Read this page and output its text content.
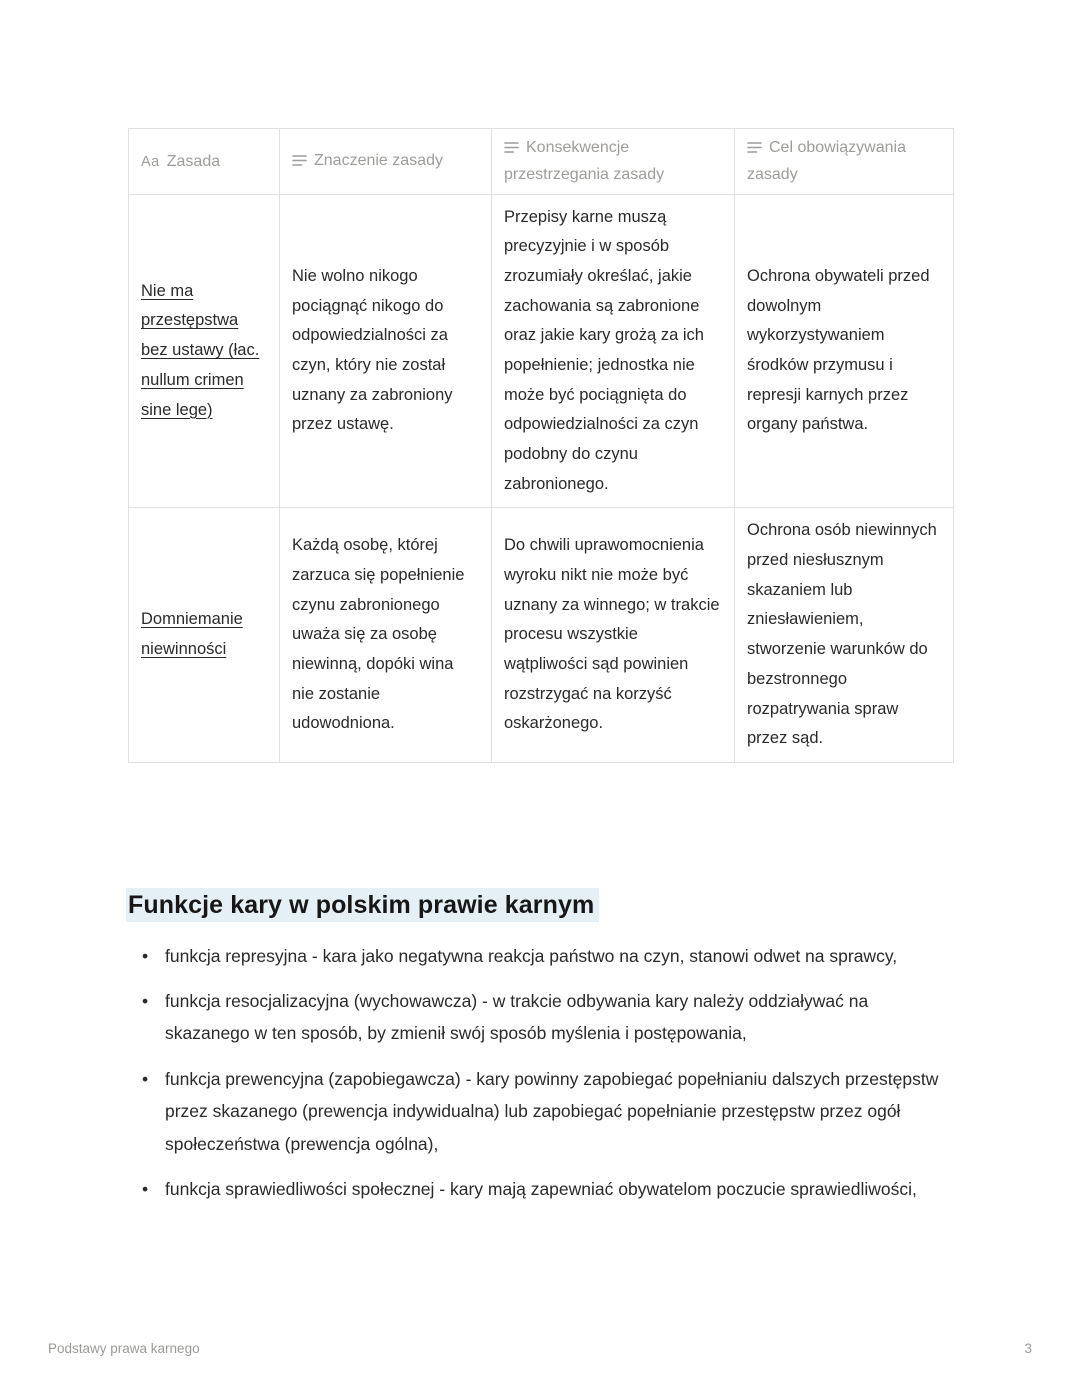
Aa Zasada	Znaczenie zasady	Konsekwencje przestrzegania zasady	Cel obowiązywania zasady
Nie ma przestępstwa bez ustawy (łac. nullum crimen sine lege)	Nie wolno nikogo pociągnąć nikogo do odpowiedzialności za czyn, który nie został uznany za zabroniony przez ustawę.	Przepisy karne muszą precyzyjnie i w sposób zrozumiały określać, jakie zachowania są zabronione oraz jakie kary grożą za ich popełnienie; jednostka nie może być pociągnięta do odpowiedzialności za czyn podobny do czynu zabronionego.	Ochrona obywateli przed dowolnym wykorzystywaniem środków przymusu i represji karnych przez organy państwa.
Domniemanie niewinności	Każdą osobę, której zarzuca się popełnienie czynu zabronionego uważa się za osobę niewinną, dopóki wina nie zostanie udowodniona.	Do chwili uprawomocnienia wyroku nikt nie może być uznany za winnego; w trakcie procesu wszystkie wątpliwości sąd powinien rozstrzygać na korzyść oskarżonego.	Ochrona osób niewinnych przed niesłusznym skazaniem lub zniesławieniem, stworzenie warunków do bezstronnego rozpatrywania spraw przez sąd.
Funkcje kary w polskim prawie karnym
• funkcja represyjna - kara jako negatywna reakcja państwo na czyn, stanowi odwet na sprawcy,
• funkcja resocjalizacyjna (wychowawcza) - w trakcie odbywania kary należy oddziaływać na skazanego w ten sposób, by zmienił swój sposób myślenia i postępowania,
• funkcja prewencyjna (zapobiegawcza) - kary powinny zapobiegać popełnianiu dalszych przestępstw przez skazanego (prewencja indywidualna) lub zapobiegać popełnianie przestępstw przez ogół społeczeństwa (prewencja ogólna),
• funkcja sprawiedliwości społecznej - kary mają zapewniać obywatelom poczucie sprawiedliwości,
Podstawy prawa karnego	3
